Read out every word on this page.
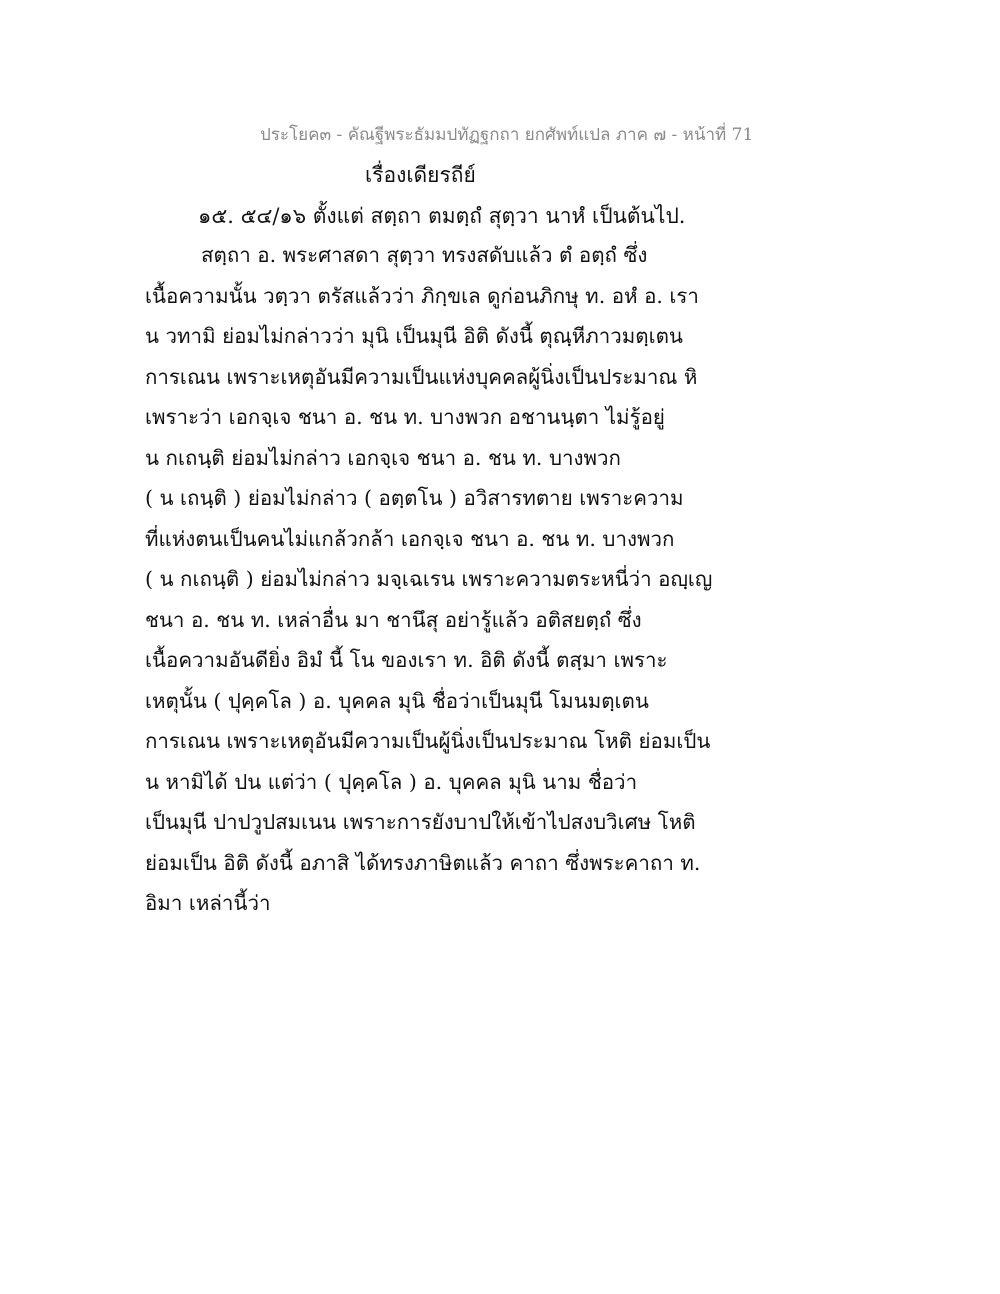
ประโยค๓ - คัณฐีพระธัมมปทัฏฐกถา ยกศัพท์แปล ภาค ๗ - หน้าที่ 71
เรื่องเดียรถีย์
๑๕. ๕๔/๑๖ ตั้งแต่ สตฺถา ตมตฺถํ สุตฺวา นาหํ เป็นต้นไป.
สตฺถา อ. พระศาสดา สุตฺวา ทรงสดับแล้ว ตํ อตฺถํ ซึ่ง
เนื้อความนั้น วตฺวา ตรัสแล้วว่า ภิกฺขเล ดูก่อนภิกษุ ท. อหํ อ. เรา
น วทามิ ย่อมไม่กล่าวว่า มุนิ เป็นมุนี อิติ ดังนี้ ตุณฺหีภาวมตฺเตน
การเณน เพราะเหตุอันมีความเป็นแห่งบุคคลผู้นิ่งเป็นประมาณ หิ
เพราะว่า เอกจฺเจ ชนา อ. ชน ท. บางพวก อชานนฺตา ไม่รู้อยู่
น กเถนฺติ ย่อมไม่กล่าว เอกจฺเจ ชนา อ. ชน ท. บางพวก
( น เถนฺติ ) ย่อมไม่กล่าว ( อตฺตโน ) อวิสารทตาย เพราะความ
ที่แห่งตนเป็นคนไม่แกล้วกล้า เอกจฺเจ ชนา อ. ชน ท. บางพวก
( น กเถนฺติ ) ย่อมไม่กล่าว มจฺเฉเรน เพราะความตระหนี่ว่า อญฺเญ
ชนา อ. ชน ท. เหล่าอื่น มา ชานึสุ อย่ารู้แล้ว อติสยตฺถํ ซึ่ง
เนื้อความอันดียิ่ง อิมํ นี้ โน ของเรา ท. อิติ ดังนี้ ตสฺมา เพราะ
เหตุนั้น ( ปุคฺคโล ) อ. บุคคล มุนิ ชื่อว่าเป็นมุนี โมนมตฺเตน
การเณน เพราะเหตุอันมีความเป็นผู้นิ่งเป็นประมาณ โหติ ย่อมเป็น
น หามิได้ ปน แต่ว่า ( ปุคฺคโล ) อ. บุคคล มุนิ นาม ชื่อว่า
เป็นมุนี ปาปวูปสมเนน เพราะการยังบาปให้เข้าไปสงบวิเศษ โหติ
ย่อมเป็น อิติ ดังนี้ อภาสิ ได้ทรงภาษิตแล้ว คาถา ซึ่งพระคาถา ท.
อิมา เหล่านี้ว่า
